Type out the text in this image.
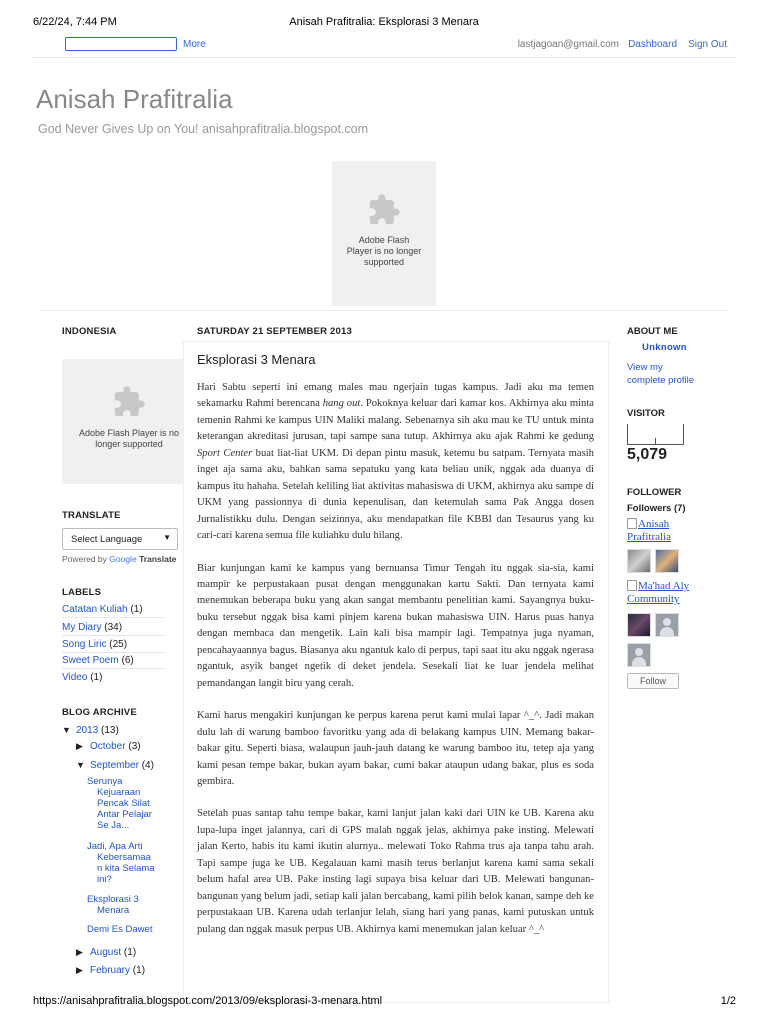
6/22/24, 7:44 PM	Anisah Prafitralia: Eksplorasi 3 Menara
More	lastjagoan@gmail.com Dashboard Sign Out
Anisah Prafitralia
God Never Gives Up on You! anisahprafitralia.blogspot.com
Adobe Flash
Player is no longer
supported
INDONESIA
Adobe Flash Player is no
longer supported
TRANSLATE
Select Language	▼
Powered by Google Translate
LABELS
Catatan Kuliah (1)
My Diary (34)
Song Liric (25)
Sweet Poem (6)
Video (1)
BLOG ARCHIVE
▼ 2013 (13)
▶ October (3)
▼ September (4)
Serunya
Kejuaraan
Pencak Silat
Antar Pelajar
Se Ja...
Jadi, Apa Arti
Kebersamaa
n kita Selama
ini?
Eksplorasi 3
Menara
Demi Es Dawet
▶ August (1)
▶ February (1)
SATURDAY 21 SEPTEMBER 2013
Eksplorasi 3 Menara

Hari Sabtu seperti ini emang males mau ngerjain tugas kampus. Jadi aku ma temen sekamarku Rahmi berencana hang out. Pokoknya keluar dari kamar kos. Akhirnya aku minta temenin Rahmi ke kampus UIN Maliki malang. Sebenarnya sih aku mau ke TU untuk minta keterangan akreditasi jurusan, tapi sampe sana tutup. Akhirnya aku ajak Rahmi ke gedung Sport Center buat liat-liat UKM. Di depan pintu masuk, ketemu bu satpam. Ternyata masih inget aja sama aku, bahkan sama sepatuku yang kata beliau unik, nggak ada duanya di kampus itu hahaha. Setelah keliling liat aktivitas mahasiswa di UKM, akhirnya aku sampe di UKM yang passionnya di dunia kepenulisan, dan ketemulah sama Pak Angga dosen Jurnalistikku dulu. Dengan seizinnya, aku mendapatkan file KBBI dan Tesaurus yang ku cari-cari karena semua file kuliahku dulu hilang.

Biar kunjungan kami ke kampus yang bernuansa Timur Tengah itu nggak sia-sia, kami mampir ke perpustakaan pusat dengan menggunakan kartu Sakti. Dan ternyata kami menemukan beberapa buku yang akan sangat membantu penelitian kami. Sayangnya buku-buku tersebut nggak bisa kami pinjem karena bukan mahasiswa UIN. Harus puas hanya dengan membaca dan mengetik. Lain kali bisa mampir lagi. Tempatnya juga nyaman, pencahayaannya bagus. Biasanya aku ngantuk kalo di perpus, tapi saat itu aku nggak ngerasa ngantuk, asyik banget ngetik di deket jendela. Sesekali liat ke luar jendela melihat pemandangan langit biru yang cerah.

Kami harus mengakiri kunjungan ke perpus karena perut kami mulai lapar ^_^. Jadi makan dulu lah di warung bamboo favoritku yang ada di belakang kampus UIN. Memang bakar-bakar gitu. Seperti biasa, walaupun jauh-jauh datang ke warung bamboo itu, tetep aja yang kami pesan tempe bakar, bukan ayam bakar, cumi bakar ataupun udang bakar, plus es soda gembira.

Setelah puas santap tahu tempe bakar, kami lanjut jalan kaki dari UIN ke UB. Karena aku lupa-lupa inget jalannya, cari di GPS malah nggak jelas, akhirnya pake insting. Melewati jalan Kerto, habis itu kami ikutin alurnya.. melewati Toko Rahma trus aja tanpa tahu arah. Tapi sampe juga ke UB. Kegalauan kami masih terus berlanjut karena kami sama sekali belum hafal area UB. Pake insting lagi supaya bisa keluar dari UB. Melewati bangunan-bangunan yang belum jadi, setiap kali jalan bercabang, kami pilih belok kanan, sampe deh ke perpustakaan UB. Karena udah terlanjur lelah, siang hari yang panas, kami putuskan untuk pulang dan nggak masuk perpus UB. Akhirnya kami menemukan jalan keluar ^_^

ABOUT ME
Unknown
View my
complete profile
VISITOR
5,079
FOLLOWER
Followers (7)
Anisah
Prafitralia
Ma'had Aly
Community
Follow
https://anisahprafitralia.blogspot.com/2013/09/eksplorasi-3-menara.html	1/2
